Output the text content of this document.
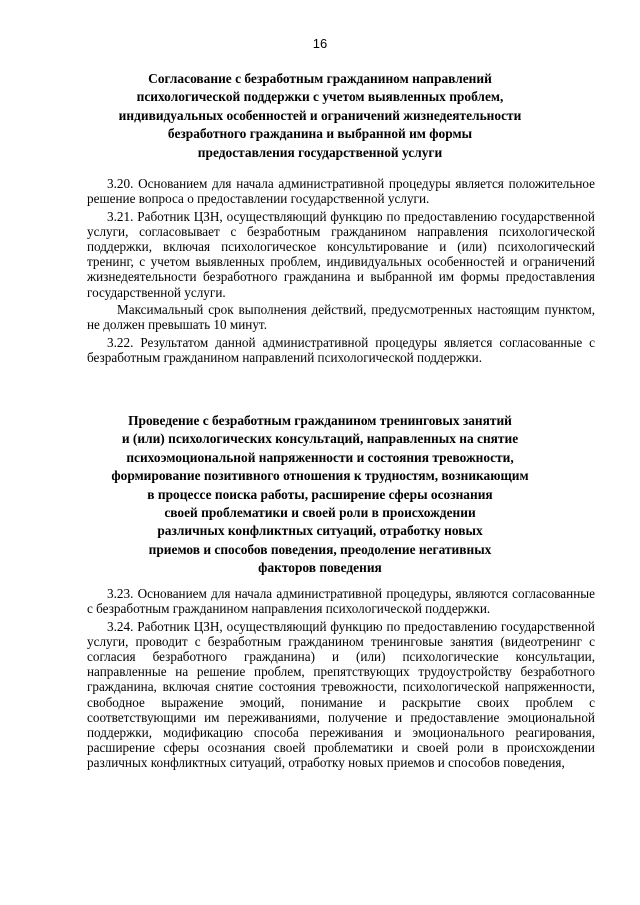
16
Согласование с безработным гражданином направлений
психологической поддержки с учетом выявленных проблем,
индивидуальных особенностей и ограничений жизнедеятельности
безработного гражданина и выбранной им формы
предоставления государственной услуги

3.20. Основанием для начала административной процедуры является положительное решение вопроса о предоставлении государственной услуги.

3.21. Работник ЦЗН, осуществляющий функцию по предоставлению государственной услуги, согласовывает с безработным гражданином направления психологической поддержки, включая психологическое консультирование и (или) психологический тренинг, с учетом выявленных проблем, индивидуальных особенностей и ограничений жизнедеятельности безработного гражданина и выбранной им формы предоставления государственной услуги.

Максимальный срок выполнения действий, предусмотренных настоящим пунктом, не должен превышать 10 минут.

3.22. Результатом данной административной процедуры является согласованные с безработным гражданином направлений психологической поддержки.

Проведение с безработным гражданином тренинговых занятий
и (или) психологических консультаций, направленных на снятие
психоэмоциональной напряженности и состояния тревожности,
формирование позитивного отношения к трудностям, возникающим
в процессе поиска работы, расширение сферы осознания
своей проблематики и своей роли в происхождении
различных конфликтных ситуаций, отработку новых
приемов и способов поведения, преодоление негативных
факторов поведения

3.23. Основанием для начала административной процедуры, являются согласованные с безработным гражданином направления психологической поддержки.

3.24. Работник ЦЗН, осуществляющий функцию по предоставлению государственной услуги, проводит с безработным гражданином тренинговые занятия (видеотренинг с согласия безработного гражданина) и (или) психологические консультации, направленные на решение проблем, препятствующих трудоустройству безработного гражданина, включая снятие состояния тревожности, психологической напряженности, свободное выражение эмоций, понимание и раскрытие своих проблем с соответствующими им переживаниями, получение и предоставление эмоциональной поддержки, модификацию способа переживания и эмоционального реагирования, расширение сферы осознания своей проблематики и своей роли в происхождении различных конфликтных ситуаций, отработку новых приемов и способов поведения,
